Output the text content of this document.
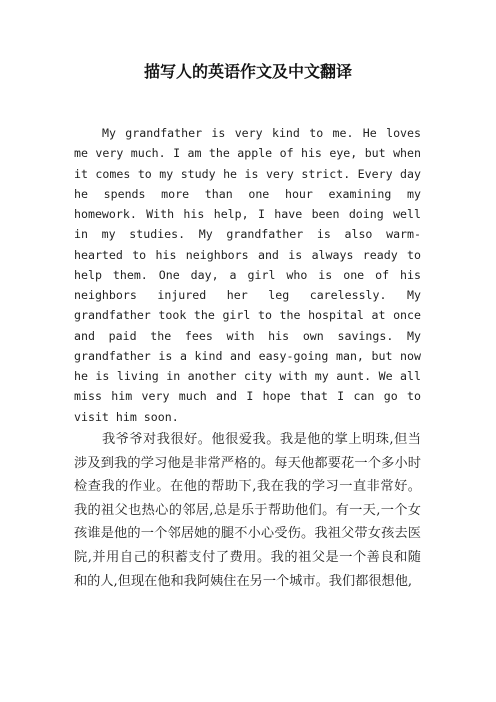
描写人的英语作文及中文翻译

My grandfather is very kind to me. He loves me very much. I am the apple of his eye, but when it comes to my study he is very strict. Every day he spends more than one hour examining my homework. With his help, I have been doing well in my studies. My grandfather is also warm-hearted to his neighbors and is always ready to help them. One day, a girl who is one of his neighbors injured her leg carelessly. My grandfather took the girl to the hospital at once and paid the fees with his own savings. My grandfather is a kind and easy-going man, but now he is living in another city with my aunt. We all miss him very much and I hope that I can go to visit him soon.

我爷爷对我很好。他很爱我。我是他的掌上明珠,但当涉及到我的学习他是非常严格的。每天他都要花一个多小时检查我的作业。在他的帮助下,我在我的学习一直非常好。我的祖父也热心的邻居,总是乐于帮助他们。有一天,一个女孩谁是他的一个邻居她的腿不小心受伤。我祖父带女孩去医院,并用自己的积蓄支付了费用。我的祖父是一个善良和随和的人,但现在他和我阿姨住在另一个城市。我们都很想他,
